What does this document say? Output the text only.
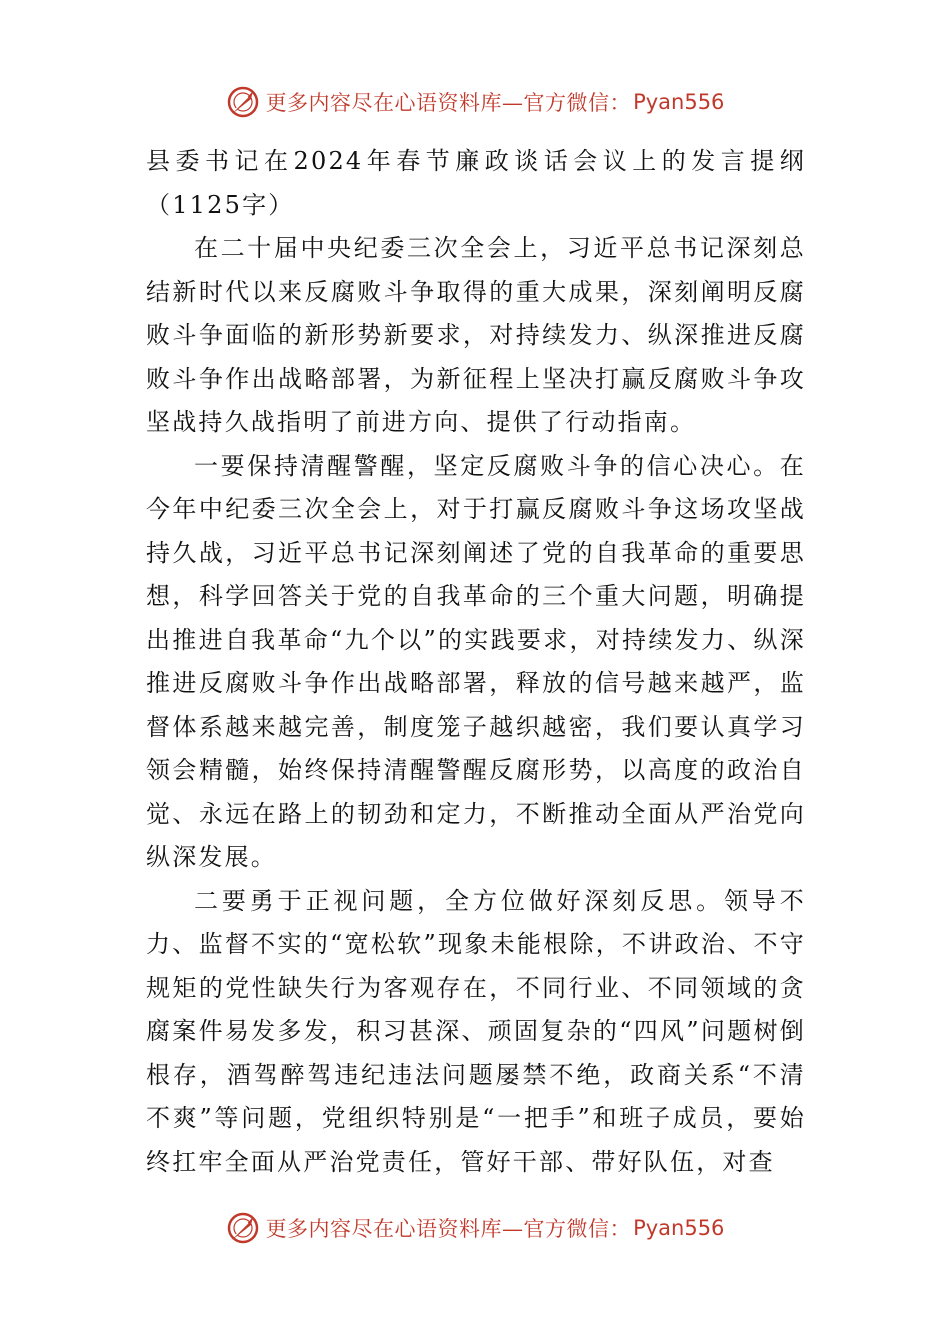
更多内容尽在心语资料库—官方微信： Pyan556
县委书记在2024年春节廉政谈话会议上的发言提纲（1125字）

在二十届中央纪委三次全会上，习近平总书记深刻总结新时代以来反腐败斗争取得的重大成果，深刻阐明反腐败斗争面临的新形势新要求，对持续发力、纵深推进反腐败斗争作出战略部署，为新征程上坚决打赢反腐败斗争攻坚战持久战指明了前进方向、提供了行动指南。

一要保持清醒警醒，坚定反腐败斗争的信心决心。在今年中纪委三次全会上，对于打赢反腐败斗争这场攻坚战持久战，习近平总书记深刻阐述了党的自我革命的重要思想，科学回答关于党的自我革命的三个重大问题，明确提出推进自我革命“九个以”的实践要求，对持续发力、纵深推进反腐败斗争作出战略部署，释放的信号越来越严，监督体系越来越完善，制度笼子越织越密，我们要认真学习领会精髓，始终保持清醒警醒反腐形势，以高度的政治自觉、永远在路上的韧劲和定力，不断推动全面从严治党向纵深发展。

二要勇于正视问题，全方位做好深刻反思。领导不力、监督不实的“宽松软”现象未能根除，不讲政治、不守规矩的党性缺失行为客观存在，不同行业、不同领域的贪腐案件易发多发，积习甚深、顽固复杂的“四风”问题树倒根存，酒驾醉驾违纪违法问题屡禁不绝，政商关系“不清不爽”等问题，党组织特别是“一把手”和班子成员，要始终扛牢全面从严治党责任，管好干部、带好队伍，对查

更多内容尽在心语资料库—官方微信： Pyan556
